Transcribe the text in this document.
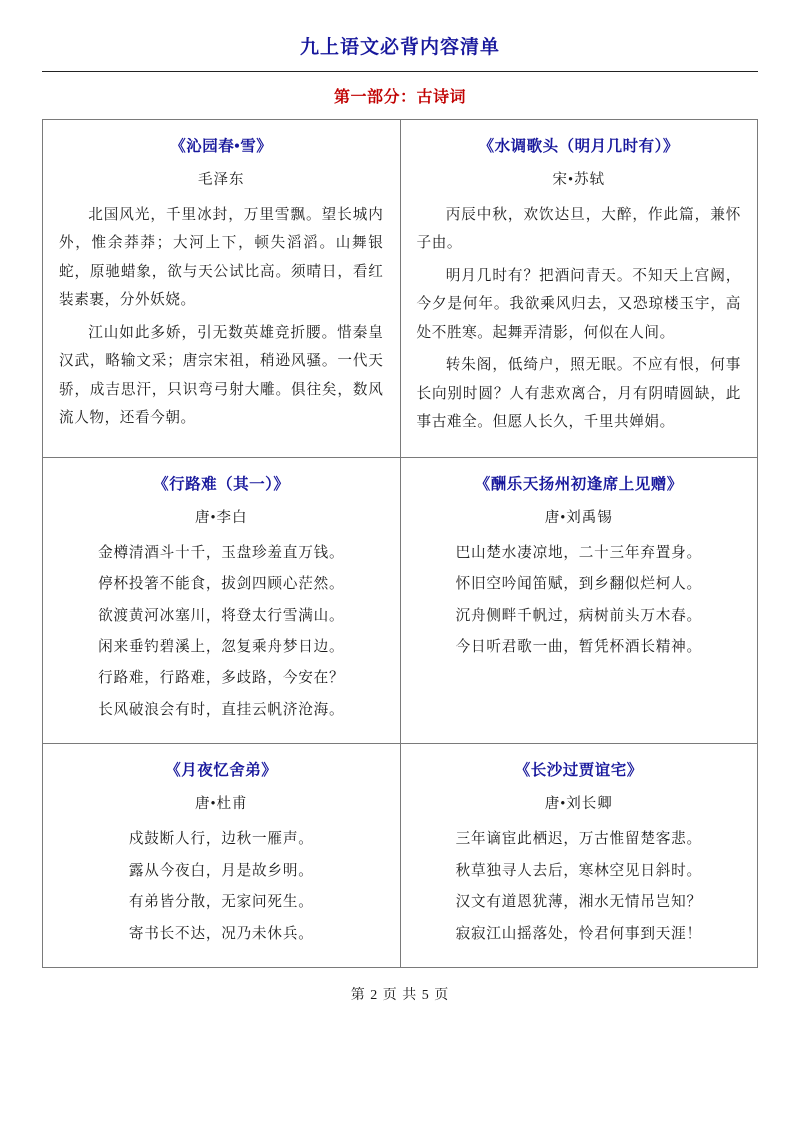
九上语文必背内容清单
第一部分：古诗词
《沁园春•雪》
毛泽东

北国风光，千里冰封，万里雪飘。望长城内外，惟余莽莽；大河上下，顿失滔滔。山舞银蛇，原驰蜡象，欲与天公试比高。须晴日，看红装素裹，分外妖娆。

江山如此多娇，引无数英雄竞折腰。惜秦皇汉武，略输文采；唐宗宋祖，稍逊风骚。一代天骄，成吉思汗，只识弯弓射大雕。俱往矣，数风流人物，还看今朝。

《水调歌头（明月几时有）》
宋•苏轼

丙辰中秋，欢饮达旦，大醉，作此篇，兼怀子由。

明月几时有？把酒问青天。不知天上宫阙，今夕是何年。我欲乘风归去，又恐琼楼玉宇，高处不胜寒。起舞弄清影，何似在人间。

转朱阁，低绮户，照无眠。不应有恨，何事长向别时圆？人有悲欢离合，月有阴晴圆缺，此事古难全。但愿人长久，千里共婵娟。

《行路难（其一）》
唐•李白

金樽清酒斗十千，玉盘珍羞直万钱。

停杯投箸不能食，拔剑四顾心茫然。

欲渡黄河冰塞川，将登太行雪满山。

闲来垂钓碧溪上，忽复乘舟梦日边。

行路难，行路难，多歧路，今安在？

长风破浪会有时，直挂云帆济沧海。

《酬乐天扬州初逢席上见赠》
唐•刘禹锡

巴山楚水凄凉地，二十三年弃置身。

怀旧空吟闻笛赋，到乡翻似烂柯人。

沉舟侧畔千帆过，病树前头万木春。

今日听君歌一曲，暂凭杯酒长精神。

《月夜忆舍弟》
唐•杜甫

戍鼓断人行，边秋一雁声。

露从今夜白，月是故乡明。

有弟皆分散，无家问死生。

寄书长不达，况乃未休兵。

《长沙过贾谊宅》
唐•刘长卿

三年谪宦此栖迟，万古惟留楚客悲。

秋草独寻人去后，寒林空见日斜时。

汉文有道恩犹薄，湘水无情吊岂知？

寂寂江山摇落处，怜君何事到天涯！

第 2 页 共 5 页
